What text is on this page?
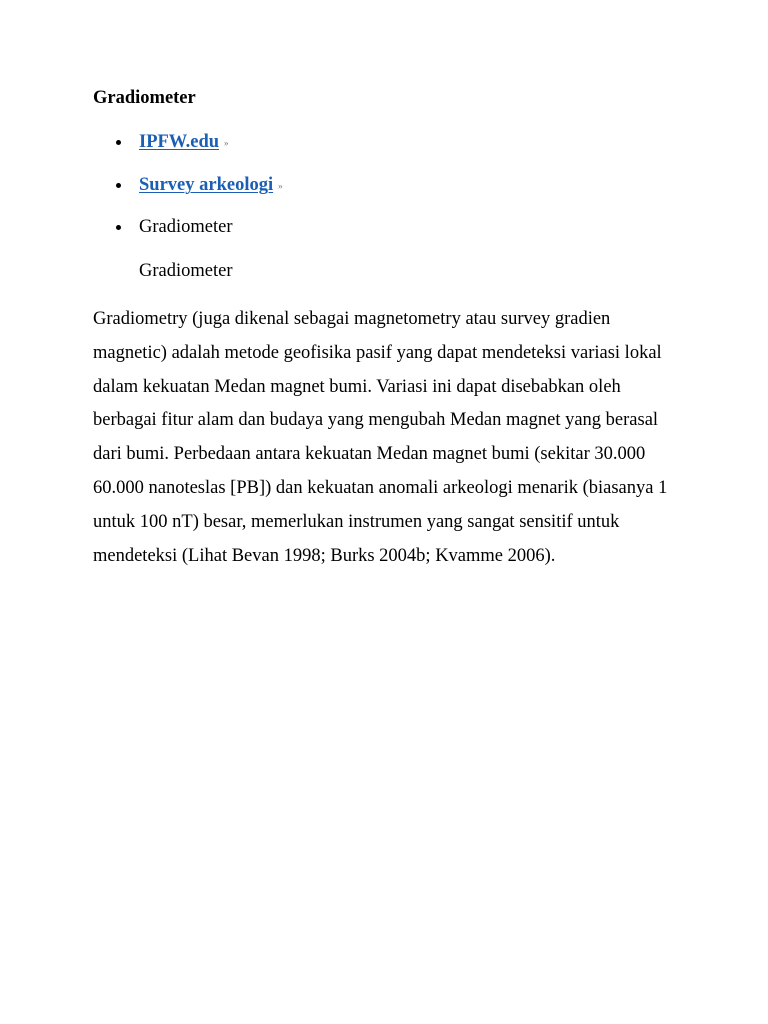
Gradiometer
IPFW.edu »
Survey arkeologi »
Gradiometer

Gradiometer

Gradiometry (juga dikenal sebagai magnetometry atau survey gradien magnetic) adalah metode geofisika pasif yang dapat mendeteksi variasi lokal dalam kekuatan Medan magnet bumi. Variasi ini dapat disebabkan oleh berbagai fitur alam dan budaya yang mengubah Medan magnet yang berasal dari bumi. Perbedaan antara kekuatan Medan magnet bumi (sekitar 30.000 60.000 nanoteslas [PB]) dan kekuatan anomali arkeologi menarik (biasanya 1 untuk 100 nT) besar, memerlukan instrumen yang sangat sensitif untuk mendeteksi (Lihat Bevan 1998; Burks 2004b; Kvamme 2006).
